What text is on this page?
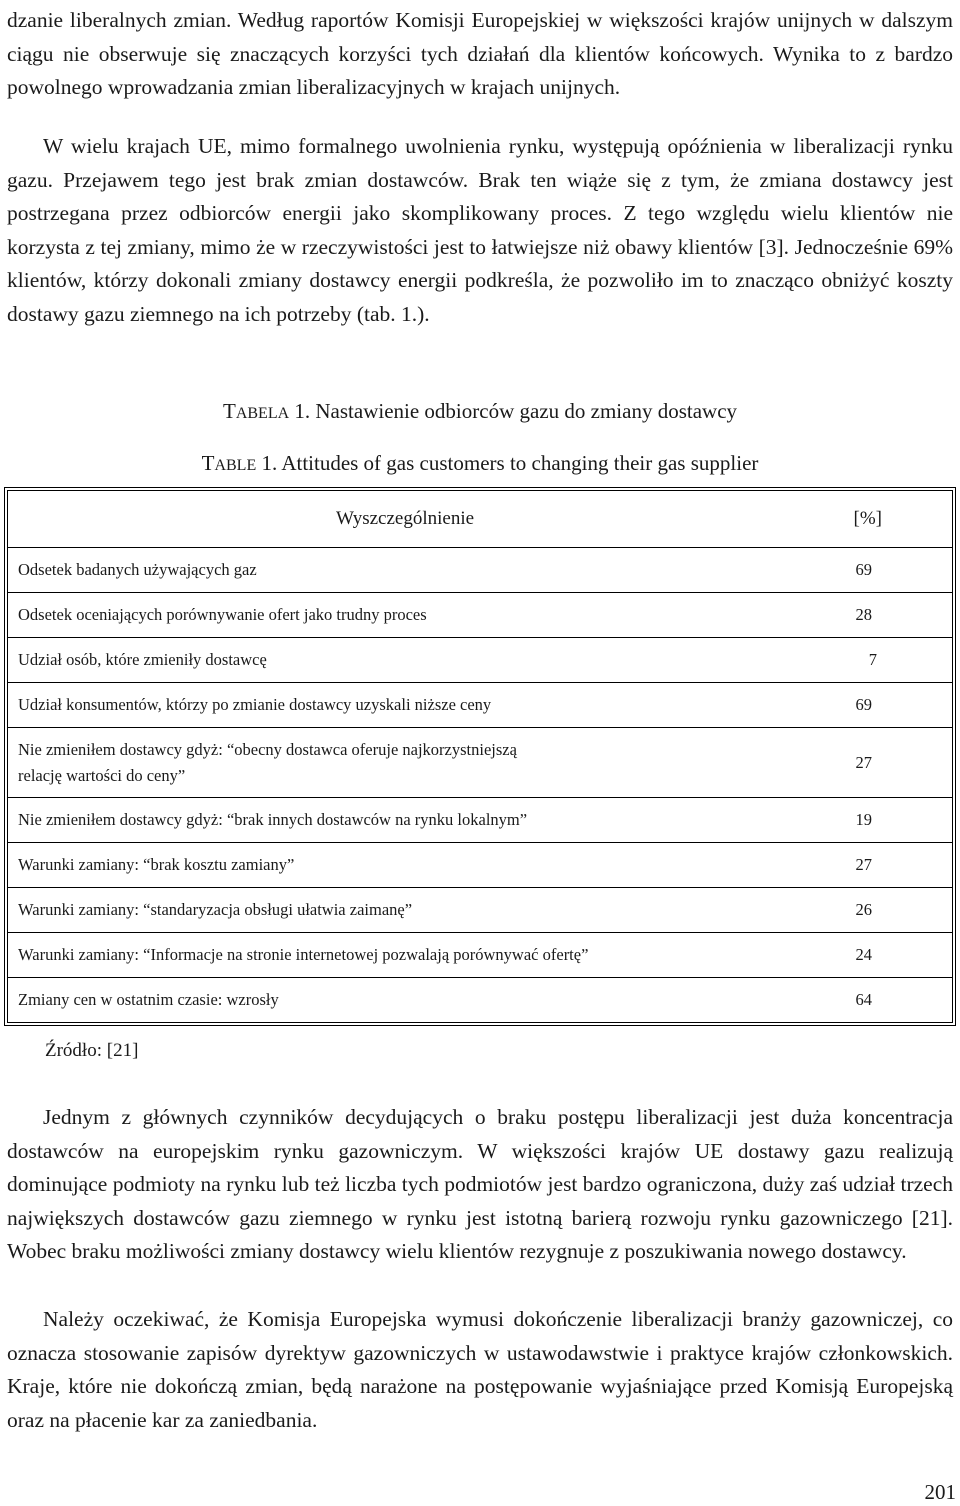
dzanie liberalnych zmian. Według raportów Komisji Europejskiej w większości krajów unijnych w dalszym ciągu nie obserwuje się znaczących korzyści tych działań dla klientów końcowych. Wynika to z bardzo powolnego wprowadzania zmian liberalizacyjnych w krajach unijnych.

W wielu krajach UE, mimo formalnego uwolnienia rynku, występują opóźnienia w liberalizacji rynku gazu. Przejawem tego jest brak zmian dostawców. Brak ten wiąże się z tym, że zmiana dostawcy jest postrzegana przez odbiorców energii jako skomplikowany proces. Z tego względu wielu klientów nie korzysta z tej zmiany, mimo że w rzeczywistości jest to łatwiejsze niż obawy klientów [3]. Jednocześnie 69% klientów, którzy dokonali zmiany dostawcy energii podkreśla, że pozwoliło im to znacząco obniżyć koszty dostawy gazu ziemnego na ich potrzeby (tab. 1.).

TABELA 1. Nastawienie odbiorców gazu do zmiany dostawcy

TABLE 1. Attitudes of gas customers to changing their gas supplier

Wyszczególnienie	[%]
Odsetek badanych używających gaz	69
Odsetek oceniających porównywanie ofert jako trudny proces	28
Udział osób, które zmieniły dostawcę	7
Udział konsumentów, którzy po zmianie dostawcy uzyskali niższe ceny	69
Nie zmieniłem dostawcy gdyż: “obecny dostawca oferuje najkorzystniejszą relację wartości do ceny”	27
Nie zmieniłem dostawcy gdyż: “brak innych dostawców na rynku lokalnym”	19
Warunki zamiany: “brak kosztu zamiany”	27
Warunki zamiany: “standaryzacja obsługi ułatwia zaimanę”	26
Warunki zamiany: “Informacje na stronie internetowej pozwalają porównywać ofertę”	24
Zmiany cen w ostatnim czasie: wzrosły	64

Źródło: [21]

Jednym z głównych czynników decydujących o braku postępu liberalizacji jest duża koncentracja dostawców na europejskim rynku gazowniczym. W większości krajów UE dostawy gazu realizują dominujące podmioty na rynku lub też liczba tych podmiotów jest bardzo ograniczona, duży zaś udział trzech największych dostawców gazu ziemnego w rynku jest istotną barierą rozwoju rynku gazowniczego [21]. Wobec braku możliwości zmiany dostawcy wielu klientów rezygnuje z poszukiwania nowego dostawcy.

Należy oczekiwać, że Komisja Europejska wymusi dokończenie liberalizacji branży gazowniczej, co oznacza stosowanie zapisów dyrektyw gazowniczych w ustawodawstwie i praktyce krajów członkowskich. Kraje, które nie dokończą zmian, będą narażone na postępowanie wyjaśniające przed Komisją Europejską oraz na płacenie kar za zaniedbania.

201
